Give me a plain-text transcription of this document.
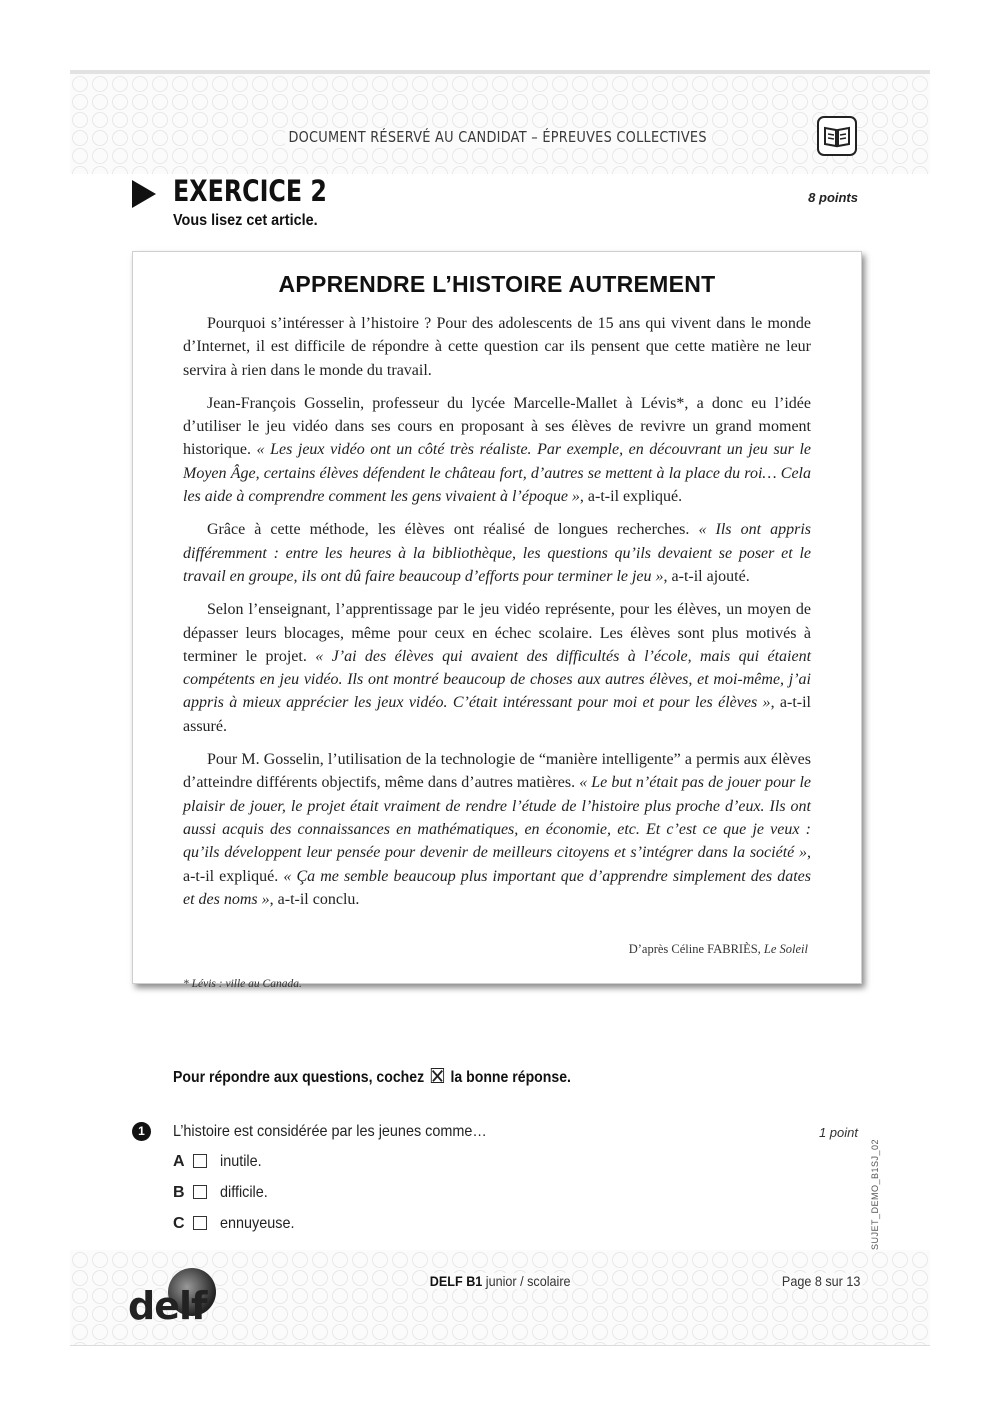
DOCUMENT RÉSERVÉ AU CANDIDAT – ÉPREUVES COLLECTIVES
EXERCICE 2	8 points
Vous lisez cet article.
APPRENDRE L’HISTOIRE AUTREMENT

Pourquoi s’intéresser à l’histoire ? Pour des adolescents de 15 ans qui vivent dans le monde d’Internet, il est difficile de répondre à cette question car ils pensent que cette matière ne leur servira à rien dans le monde du travail.

Jean-François Gosselin, professeur du lycée Marcelle-Mallet à Lévis*, a donc eu l’idée d’utiliser le jeu vidéo dans ses cours en proposant à ses élèves de revivre un grand moment historique. « Les jeux vidéo ont un côté très réaliste. Par exemple, en découvrant un jeu sur le Moyen Âge, certains élèves défendent le château fort, d’autres se mettent à la place du roi… Cela les aide à comprendre comment les gens vivaient à l’époque », a-t-il expliqué.

Grâce à cette méthode, les élèves ont réalisé de longues recherches. « Ils ont appris différemment : entre les heures à la bibliothèque, les questions qu’ils devaient se poser et le travail en groupe, ils ont dû faire beaucoup d’efforts pour terminer le jeu », a-t-il ajouté.

Selon l’enseignant, l’apprentissage par le jeu vidéo représente, pour les élèves, un moyen de dépasser leurs blocages, même pour ceux en échec scolaire. Les élèves sont plus motivés à terminer le projet. « J’ai des élèves qui avaient des difficultés à l’école, mais qui étaient compétents en jeu vidéo. Ils ont montré beaucoup de choses aux autres élèves, et moi-même, j’ai appris à mieux apprécier les jeux vidéo. C’était intéressant pour moi et pour les élèves », a-t-il assuré.

Pour M. Gosselin, l’utilisation de la technologie de “manière intelligente” a permis aux élèves d’atteindre différents objectifs, même dans d’autres matières. « Le but n’était pas de jouer pour le plaisir de jouer, le projet était vraiment de rendre l’étude de l’histoire plus proche d’eux. Ils ont aussi acquis des connaissances en mathématiques, en économie, etc. Et c’est ce que je veux : qu’ils développent leur pensée pour devenir de meilleurs citoyens et s’intégrer dans la société », a-t-il expliqué. « Ça me semble beaucoup plus important que d’apprendre simplement des dates et des noms », a-t-il conclu.

D’après Céline FABRIÈS, Le Soleil
* Lévis : ville au Canada.
Pour répondre aux questions, cochez la bonne réponse.
1	L’histoire est considérée par les jeunes comme…	1 point
A inutile.
B difficile.
C ennuyeuse.	SUJET_DEMO_B1SJ_02
delf
DELF B1 junior / scolaire	Page 8 sur 13
